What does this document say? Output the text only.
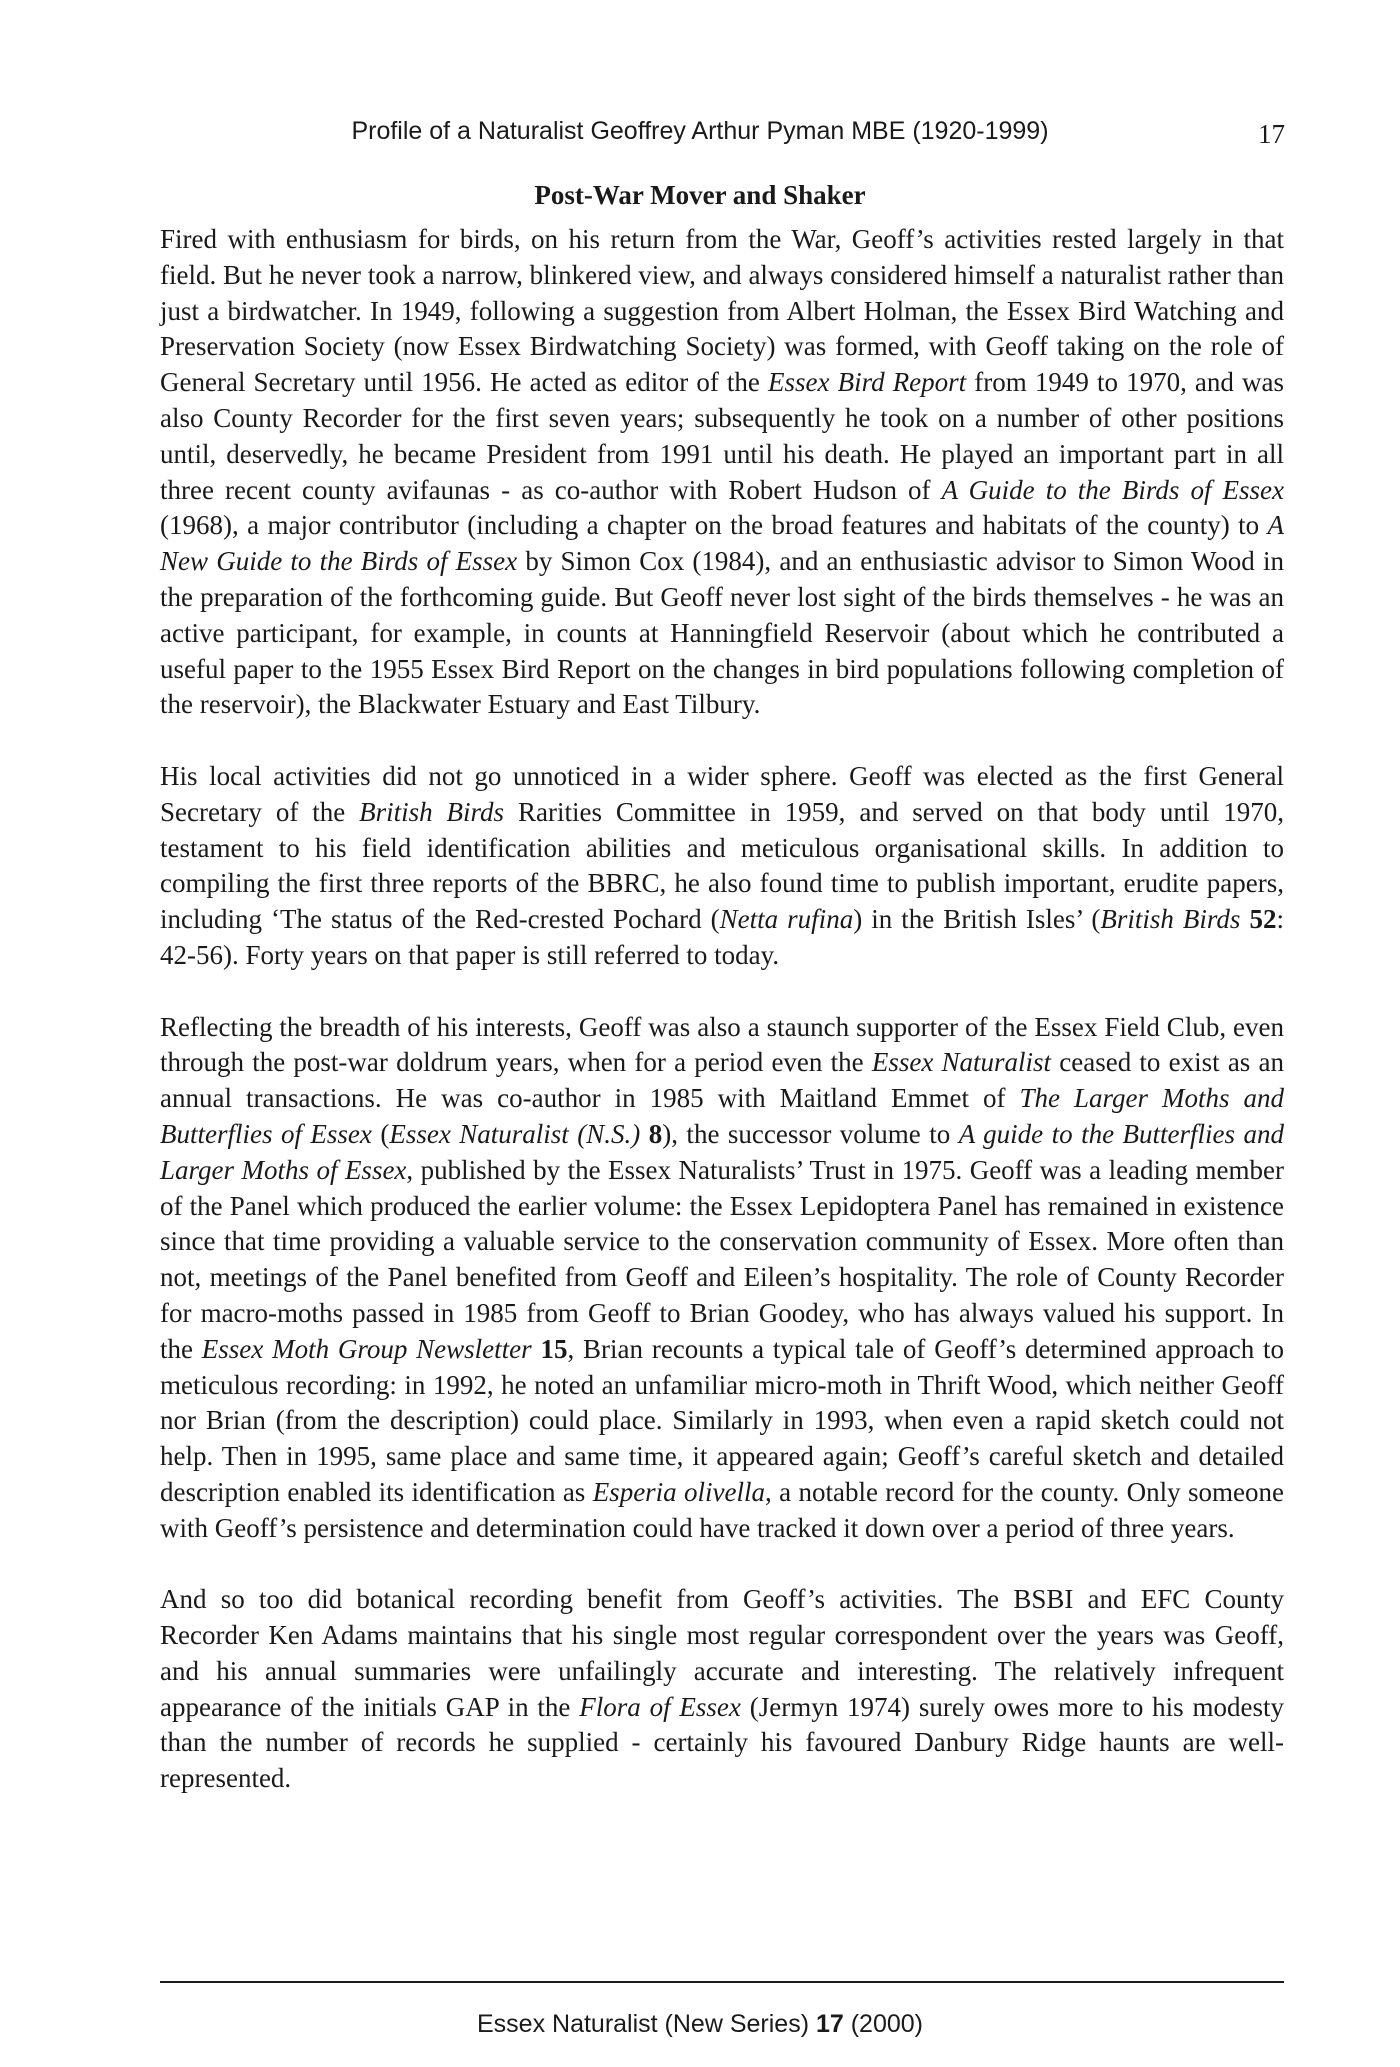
Profile of a Naturalist Geoffrey Arthur Pyman MBE (1920-1999)	17
Post-War Mover and Shaker

Fired with enthusiasm for birds, on his return from the War, Geoff’s activities rested largely in that field. But he never took a narrow, blinkered view, and always considered himself a naturalist rather than just a birdwatcher. In 1949, following a suggestion from Albert Holman, the Essex Bird Watching and Preservation Society (now Essex Birdwatching Society) was formed, with Geoff taking on the role of General Secretary until 1956. He acted as editor of the Essex Bird Report from 1949 to 1970, and was also County Recorder for the first seven years; subsequently he took on a number of other positions until, deservedly, he became President from 1991 until his death. He played an important part in all three recent county avifaunas - as co-author with Robert Hudson of A Guide to the Birds of Essex (1968), a major contributor (including a chapter on the broad features and habitats of the county) to A New Guide to the Birds of Essex by Simon Cox (1984), and an enthusiastic advisor to Simon Wood in the preparation of the forthcoming guide. But Geoff never lost sight of the birds themselves - he was an active participant, for example, in counts at Hanningfield Reservoir (about which he contributed a useful paper to the 1955 Essex Bird Report on the changes in bird populations following completion of the reservoir), the Blackwater Estuary and East Tilbury.

His local activities did not go unnoticed in a wider sphere. Geoff was elected as the first General Secretary of the British Birds Rarities Committee in 1959, and served on that body until 1970, testament to his field identification abilities and meticulous organisational skills. In addition to compiling the first three reports of the BBRC, he also found time to publish important, erudite papers, including ‘The status of the Red-crested Pochard (Netta rufina) in the British Isles’ (British Birds 52: 42-56). Forty years on that paper is still referred to today.

Reflecting the breadth of his interests, Geoff was also a staunch supporter of the Essex Field Club, even through the post-war doldrum years, when for a period even the Essex Naturalist ceased to exist as an annual transactions. He was co-author in 1985 with Maitland Emmet of The Larger Moths and Butterflies of Essex (Essex Naturalist (N.S.) 8), the successor volume to A guide to the Butterflies and Larger Moths of Essex, published by the Essex Naturalists’ Trust in 1975. Geoff was a leading member of the Panel which produced the earlier volume: the Essex Lepidoptera Panel has remained in existence since that time providing a valuable service to the conservation community of Essex. More often than not, meetings of the Panel benefited from Geoff and Eileen’s hospitality. The role of County Recorder for macro-moths passed in 1985 from Geoff to Brian Goodey, who has always valued his support. In the Essex Moth Group Newsletter 15, Brian recounts a typical tale of Geoff’s determined approach to meticulous recording: in 1992, he noted an unfamiliar micro-moth in Thrift Wood, which neither Geoff nor Brian (from the description) could place. Similarly in 1993, when even a rapid sketch could not help. Then in 1995, same place and same time, it appeared again; Geoff’s careful sketch and detailed description enabled its identification as Esperia olivella, a notable record for the county. Only someone with Geoff’s persistence and determination could have tracked it down over a period of three years.

And so too did botanical recording benefit from Geoff’s activities. The BSBI and EFC County Recorder Ken Adams maintains that his single most regular correspondent over the years was Geoff, and his annual summaries were unfailingly accurate and interesting. The relatively infrequent appearance of the initials GAP in the Flora of Essex (Jermyn 1974) surely owes more to his modesty than the number of records he supplied - certainly his favoured Danbury Ridge haunts are well-represented.

Essex Naturalist (New Series) 17 (2000)
